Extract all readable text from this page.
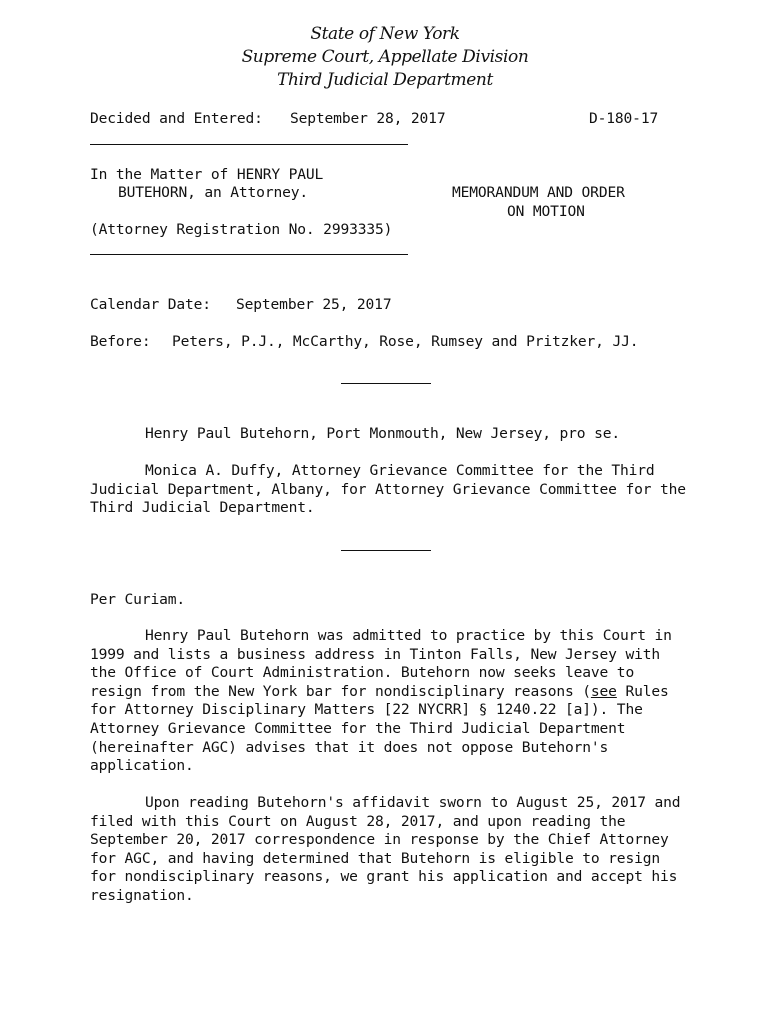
State of New York
Supreme Court, Appellate Division
Third Judicial Department
Decided and Entered: September 28, 2017	D-180-17
In the Matter of HENRY PAUL
BUTEHORN, an Attorney.
(Attorney Registration No. 2993335)
MEMORANDUM AND ORDER
ON MOTION
Calendar Date: September 25, 2017
Before: Peters, P.J., McCarthy, Rose, Rumsey and Pritzker, JJ.
Henry Paul Butehorn, Port Monmouth, New Jersey, pro se.
Monica A. Duffy, Attorney Grievance Committee for the Third Judicial Department, Albany, for Attorney Grievance Committee for the Third Judicial Department.
Per Curiam.
Henry Paul Butehorn was admitted to practice by this Court in 1999 and lists a business address in Tinton Falls, New Jersey with the Office of Court Administration. Butehorn now seeks leave to resign from the New York bar for nondisciplinary reasons (see Rules for Attorney Disciplinary Matters [22 NYCRR] § 1240.22 [a]). The Attorney Grievance Committee for the Third Judicial Department (hereinafter AGC) advises that it does not oppose Butehorn's application.
Upon reading Butehorn's affidavit sworn to August 25, 2017 and filed with this Court on August 28, 2017, and upon reading the September 20, 2017 correspondence in response by the Chief Attorney for AGC, and having determined that Butehorn is eligible to resign for nondisciplinary reasons, we grant his application and accept his resignation.
